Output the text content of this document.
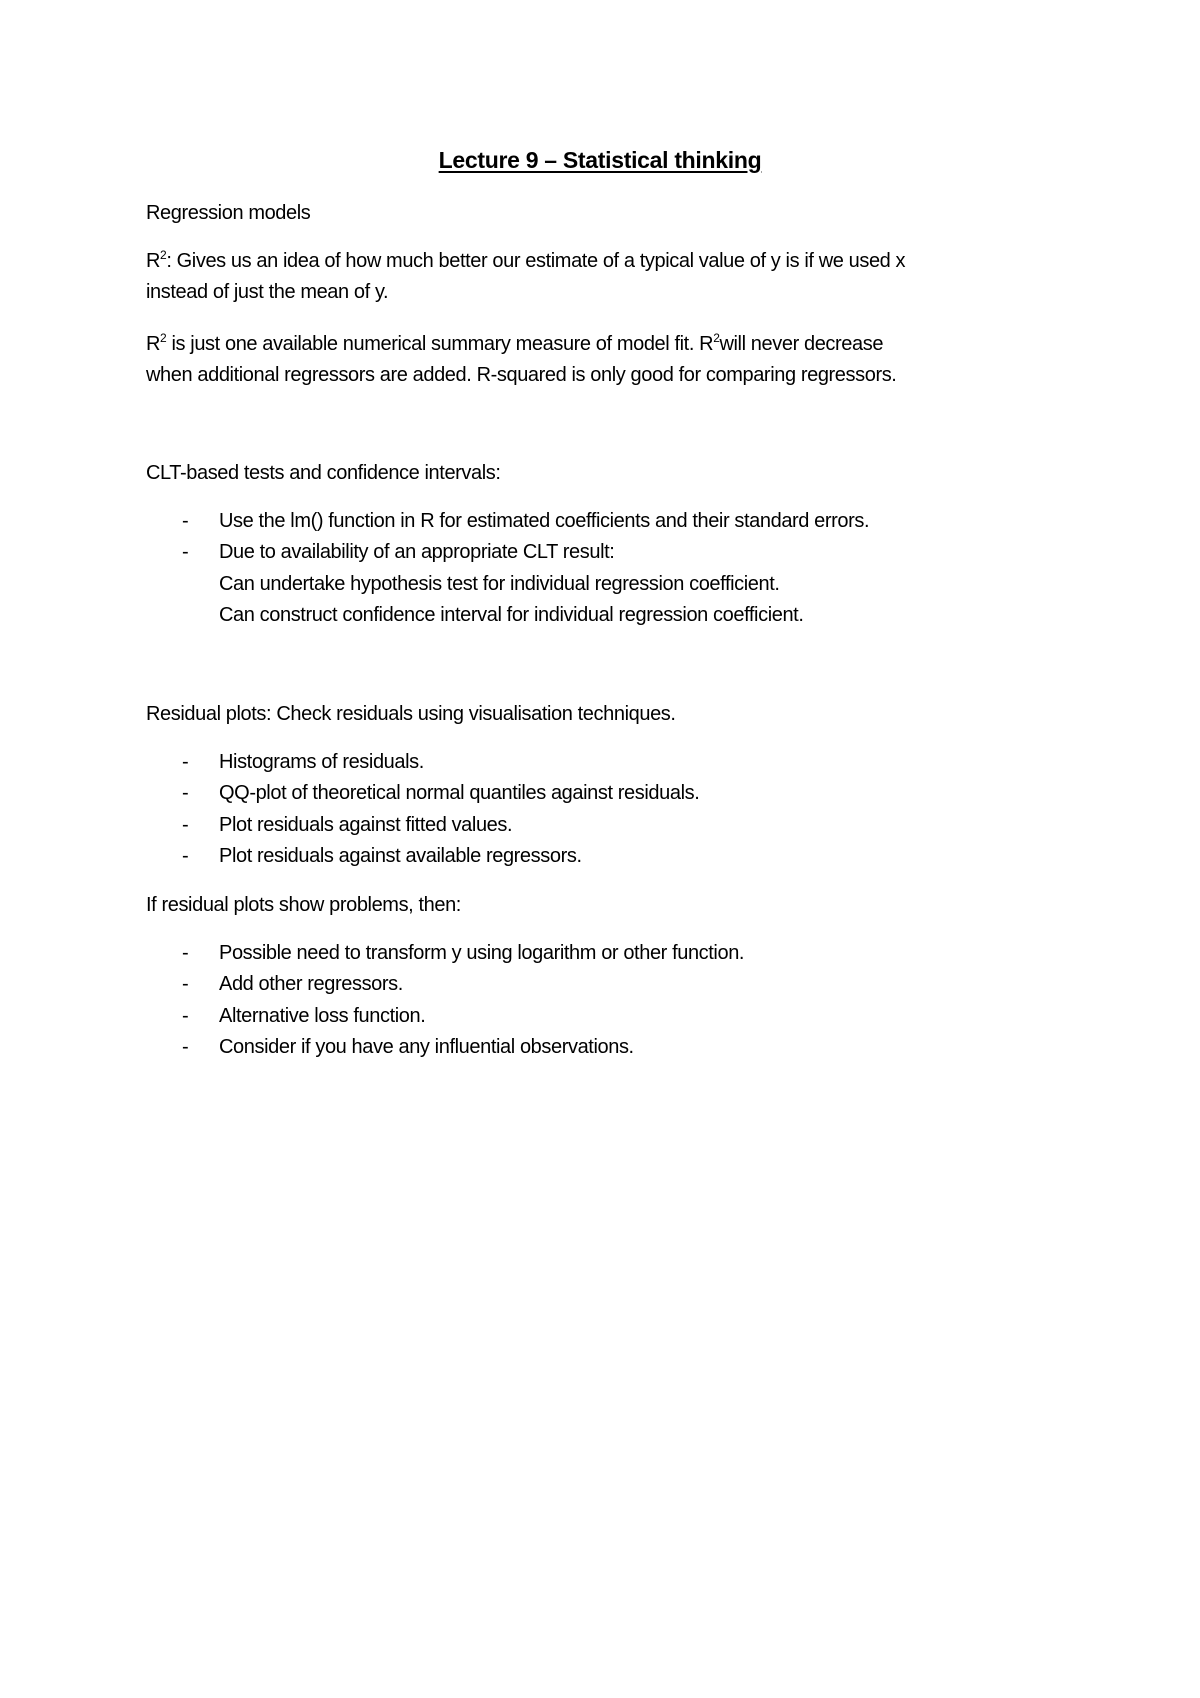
Lecture 9 – Statistical thinking
Regression models
$R^2$: Gives us an idea of how much better our estimate of a typical value of y is if we used x
instead of just the mean of y.
$R^2$ is just one available numerical summary measure of model fit. $R^2will$ never decrease
when additional regressors are added. R-squared is only good for comparing regressors.
CLT-based tests and confidence intervals:
- Use the lm() function in R for estimated coefficients and their standard errors.
- Due to availability of an appropriate CLT result:
Can undertake hypothesis test for individual regression coefficient.
Can construct confidence interval for individual regression coefficient.
Residual plots: Check residuals using visualisation techniques.
- Histograms of residuals.
- QQ-plot of theoretical normal quantiles against residuals.
- Plot residuals against fitted values.
- Plot residuals against available regressors.
If residual plots show problems, then:
- Possible need to transform y using logarithm or other function.
- Add other regressors.
- Alternative loss function.
- Consider if you have any influential observations.
